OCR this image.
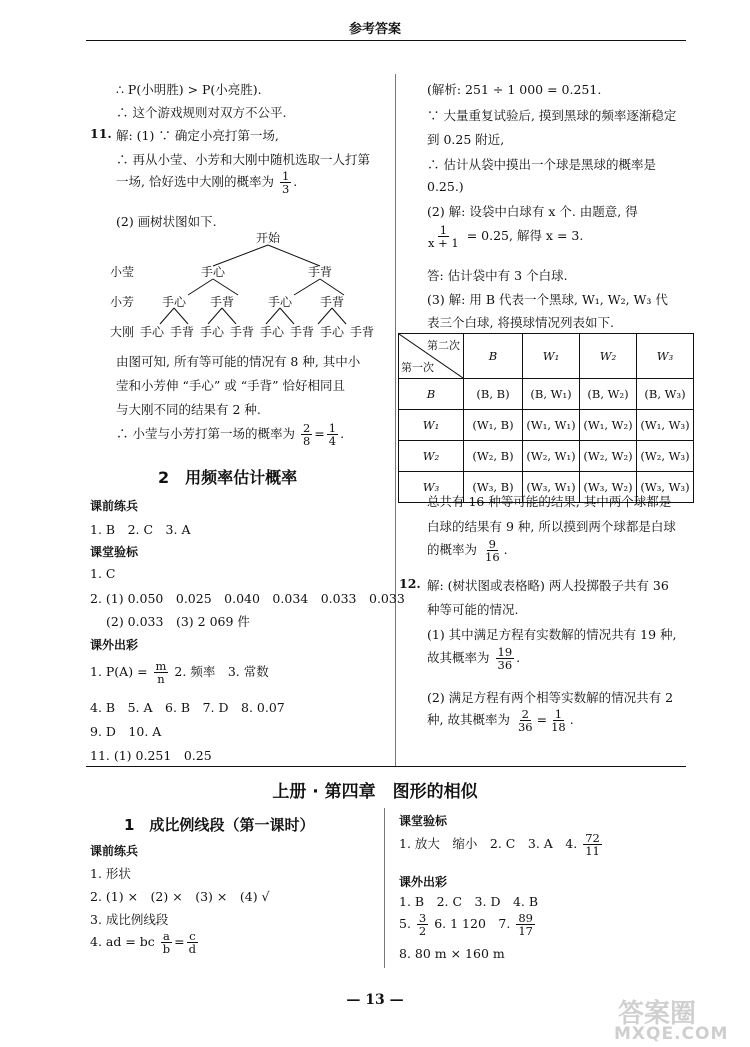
参考答案
∴ P(小明胜) > P(小亮胜).
∴ 这个游戏规则对双方不公平.
11. 解: (1) ∵ 确定小亮打第一场,
∴ 再从小莹、小芳和大刚中随机选取一人打第
一场, 恰好选中大刚的概率为 $\frac{1}{3}$ .
(2) 画树状图如下.
开始
小莹
小芳
大刚
手心	手背
手心 手背	手心 手背
手心 手背 手心 手背 手心 手背 手心 手背
由图可知, 所有等可能的情况有 8 种, 其中小
莹和小芳伸 “手心” 或 “手背” 恰好相同且
与大刚不同的结果有 2 种.
∴ 小莹与小芳打第一场的概率为 $\frac{2}{8} = \frac{1}{4}$ .
2　用频率估计概率
课前练兵
1. B　2. C　3. A
课堂验标
1. C
2. (1) 0.050　0.025　0.040　0.034　0.033　0.033
(2) 0.033　(3) 2 069 件
课外出彩
1. $P(A) = \frac{m}{n} 2$. 频率　3. 常数
4. B　5. A　6. B　7. D　8. 0.07
9. D　10. A
11. (1) 0.251　0.25
(解析: 251 ÷ 1 000 = 0.251.
∵ 大量重复试验后, 摸到黑球的频率逐渐稳定
到 0.25 附近,
∴ 估计从袋中摸出一个球是黑球的概率是
0.25.)
(2) 解: 设袋中白球有 x 个. 由题意, 得
$\frac{1}{x + 1} = 0.25$, 解得 x = 3.
答: 估计袋中有 3 个白球.
(3) 解: 用 B 代表一个黑球, W₁, W₂, W₃ 代
表三个白球, 将摸球情况列表如下.
第二次
第一次	B	W₁	W₂	W₃
B	(B, B)	(B, W₁)	(B, W₂)	(B, W₃)
W₁	(W₁, B)	(W₁, W₁)	(W₁, W₂)	(W₁, W₃)
W₂	(W₂, B)	(W₂, W₁)	(W₂, W₂)	(W₂, W₃)
W₃	(W₃, B)	(W₃, W₁)	(W₃, W₂)	(W₃, W₃)
总共有 16 种等可能的结果, 其中两个球都是
白球的结果有 9 种, 所以摸到两个球都是白球
的概率为 $\frac{9}{16}$ .
12. 解: (树状图或表格略) 两人投掷骰子共有 36
种等可能的情况.
(1) 其中满足方程有实数解的情况共有 19 种,
故其概率为 $\frac{19}{36}$ .
(2) 满足方程有两个相等实数解的情况共有 2
种, 故其概率为 $\frac{2}{36} = \frac{1}{18}$ .
上册 · 第四章　图形的相似
1　成比例线段（第一课时）
课前练兵
1. 形状
2. (1) ×　(2) ×　(3) ×　(4) √
3. 成比例线段
4. ad = bc $\frac{a}{b} = \frac{c}{d}$
课堂验标
1. 放大　缩小　2. C　3. A　4. $\frac{72}{11}$
课外出彩
1. B　2. C　3. D　4. B
5. $\frac{3}{2} 6$. 1 120　7. $\frac{89}{17}$
8. 80 m × 160 m
— 13 —	答案圈
MXQE.COM
